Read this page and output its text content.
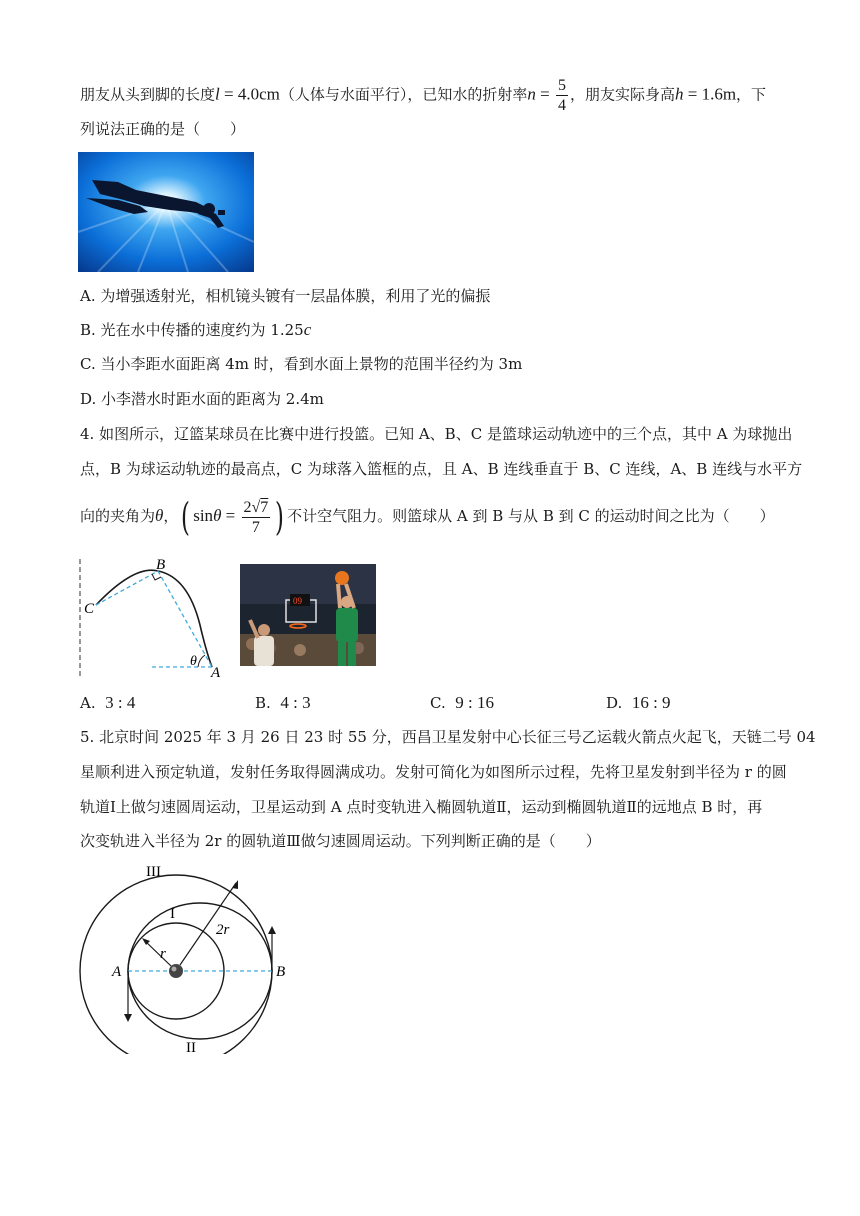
朋友从头到脚的长度l = 4.0cm（人体与水面平行），已知水的折射率$n = \frac{5}{4}$ ，朋友实际身高h = 1.6m，下
列说法正确的是（　　）
A. 为增强透射光，相机镜头镀有一层晶体膜，利用了光的偏振
B. 光在水中传播的速度约为 1.25c
C. 当小李距水面距离 4m 时，看到水面上景物的范围半径约为 3m
D. 小李潜水时距水面的距离为 2.4m
4. 如图所示，辽篮某球员在比赛中进行投篮。已知 A、B、C 是篮球运动轨迹中的三个点，其中 A 为球抛出
点，B 为球运动轨迹的最高点，C 为球落入篮框的点，且 A、B 连线垂直于 B、C 连线，A、B 连线与水平方
向的夹角为θ，( $\sin\theta = \frac{2√7}{7}$ ) 不计空气阻力。则篮球从 A 到 B 与从 B 到 C 的运动时间之比为（　　）
B
C
A
θ
09
A. 3 : 4	B. 4 : 3	C. 9 : 16	D. 16 : 9
5. 北京时间 2025 年 3 月 26 日 23 时 55 分，西昌卫星发射中心长征三号乙运载火箭点火起飞，天链二号 04
星顺利进入预定轨道，发射任务取得圆满成功。发射可简化为如图所示过程，先将卫星发射到半径为 r 的圆
轨道Ⅰ上做匀速圆周运动，卫星运动到 A 点时变轨进入椭圆轨道Ⅱ，运动到椭圆轨道Ⅱ的远地点 B 时，再
次变轨进入半径为 2r 的圆轨道Ⅲ做匀速圆周运动。下列判断正确的是（　　）
III
I
II
r
2r
A	B
